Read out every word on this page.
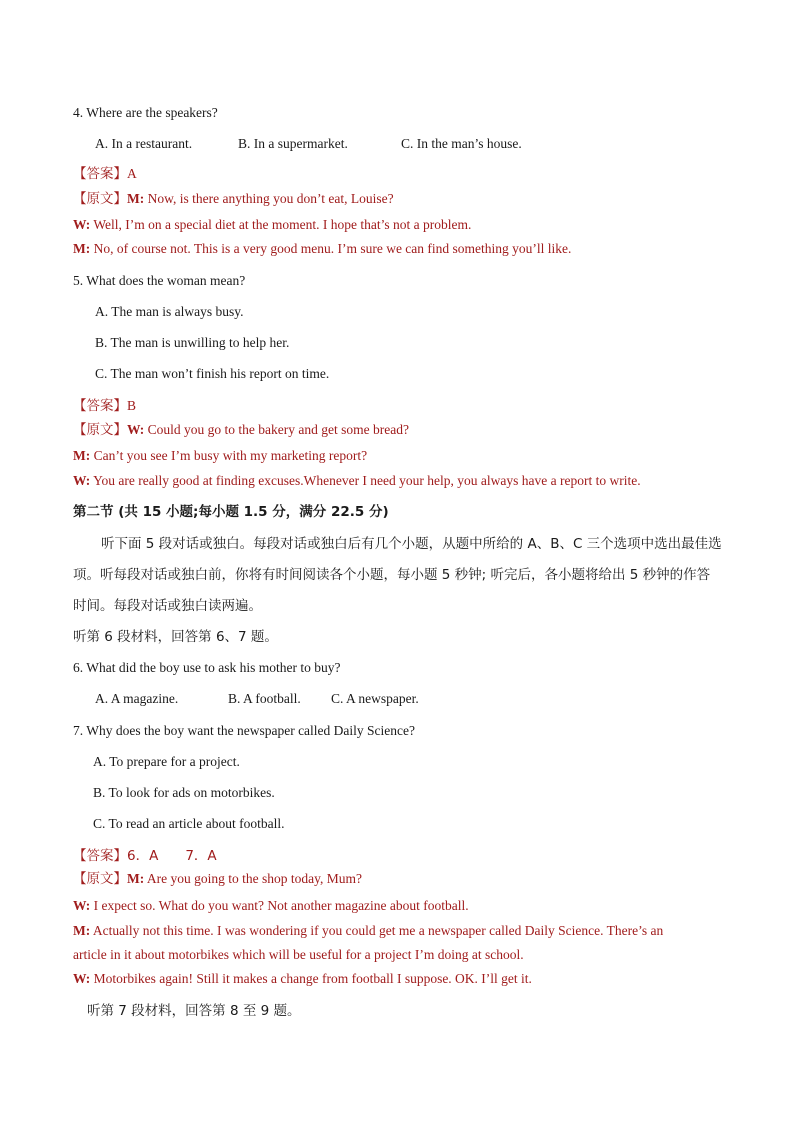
4. Where are the speakers?
A. In a restaurant.	B. In a supermarket.	C. In the man’s house.
【答案】A
【原文】M: Now, is there anything you don’t eat, Louise?
W: Well, I’m on a special diet at the moment. I hope that’s not a problem.
M: No, of course not. This is a very good menu. I’m sure we can find something you’ll like.
5. What does the woman mean?
A. The man is always busy.
B. The man is unwilling to help her.
C. The man won’t finish his report on time.
【答案】B
【原文】W: Could you go to the bakery and get some bread?
M: Can’t you see I’m busy with my marketing report?
W: You are really good at finding excuses.Whenever I need your help, you always have a report to write.
第二节 (共 15 小题;每小题 1.5 分，满分 22.5 分)
听下面 5 段对话或独白。每段对话或独白后有几个小题，从题中所给的 A、B、C 三个选项中选出最佳选项。听每段对话或独白前，你将有时间阅读各个小题，每小题 5 秒钟; 听完后，各小题将给出 5 秒钟的作答时间。每段对话或独白读两遍。
听第 6 段材料，回答第 6、7 题。
6. What did the boy use to ask his mother to buy?
A. A magazine.	B. A football. C. A newspaper.
7. Why does the boy want the newspaper called Daily Science?
A. To prepare for a project.
B. To look for ads on motorbikes.
C. To read an article about football.
【答案】6．A　　7．A
【原文】M: Are you going to the shop today, Mum?
W: I expect so. What do you want? Not another magazine about football.
M: Actually not this time. I was wondering if you could get me a newspaper called Daily Science. There’s an
article in it about motorbikes which will be useful for a project I’m doing at school.
W: Motorbikes again! Still it makes a change from football I suppose. OK. I’ll get it.
听第 7 段材料，回答第 8 至 9 题。
